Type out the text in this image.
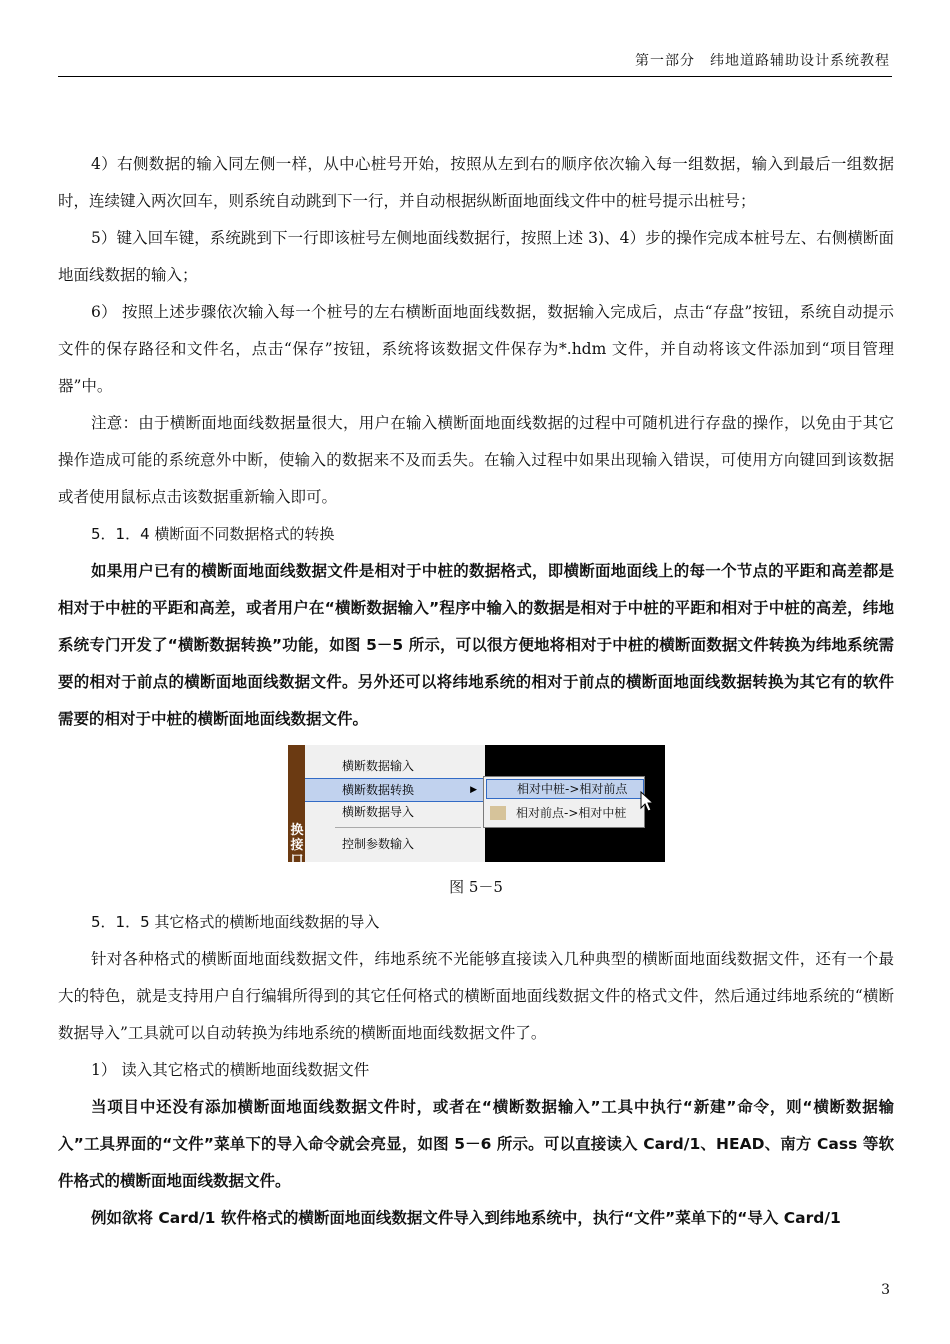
第一部分　纬地道路辅助设计系统教程

4）右侧数据的输入同左侧一样，从中心桩号开始，按照从左到右的顺序依次输入每一组数据，输入到最后一组数据时，连续键入两次回车，则系统自动跳到下一行，并自动根据纵断面地面线文件中的桩号提示出桩号；

5）键入回车键，系统跳到下一行即该桩号左侧地面线数据行，按照上述 3)、4）步的操作完成本桩号左、右侧横断面地面线数据的输入；

6） 按照上述步骤依次输入每一个桩号的左右横断面地面线数据，数据输入完成后，点击“存盘”按钮，系统自动提示文件的保存路径和文件名，点击“保存”按钮，系统将该数据文件保存为*.hdm 文件，并自动将该文件添加到“项目管理器”中。

注意：由于横断面地面线数据量很大，用户在输入横断面地面线数据的过程中可随机进行存盘的操作，以免由于其它操作造成可能的系统意外中断，使输入的数据来不及而丢失。在输入过程中如果出现输入错误，可使用方向键回到该数据或者使用鼠标点击该数据重新输入即可。

5．1．4 横断面不同数据格式的转换

如果用户已有的横断面地面线数据文件是相对于中桩的数据格式，即横断面地面线上的每一个节点的平距和高差都是相对于中桩的平距和高差，或者用户在“横断数据输入”程序中输入的数据是相对于中桩的平距和相对于中桩的高差，纬地系统专门开发了“横断数据转换”功能，如图 5－5 所示，可以很方便地将相对于中桩的横断面数据文件转换为纬地系统需要的相对于前点的横断面地面线数据文件。另外还可以将纬地系统的相对于前点的横断面地面线数据转换为其它有的软件需要的相对于中桩的横断面地面线数据文件。

换接口
横断数据输入
横断数据转换	▶
横断数据导入
控制参数输入
相对中桩->相对前点
相对前点->相对中桩

图 5－5

5．1．5 其它格式的横断地面线数据的导入

针对各种格式的横断面地面线数据文件，纬地系统不光能够直接读入几种典型的横断面地面线数据文件，还有一个最大的特色，就是支持用户自行编辑所得到的其它任何格式的横断面地面线数据文件的格式文件，然后通过纬地系统的“横断数据导入”工具就可以自动转换为纬地系统的横断面地面线数据文件了。

1） 读入其它格式的横断地面线数据文件

当项目中还没有添加横断面地面线数据文件时，或者在“横断数据输入”工具中执行“新建”命令，则“横断数据输入”工具界面的“文件”菜单下的导入命令就会亮显，如图 5－6 所示。可以直接读入 Card/1、HEAD、南方 Cass 等软件格式的横断面地面线数据文件。

例如欲将 Card/1 软件格式的横断面地面线数据文件导入到纬地系统中，执行“文件”菜单下的“导入 Card/1

3
